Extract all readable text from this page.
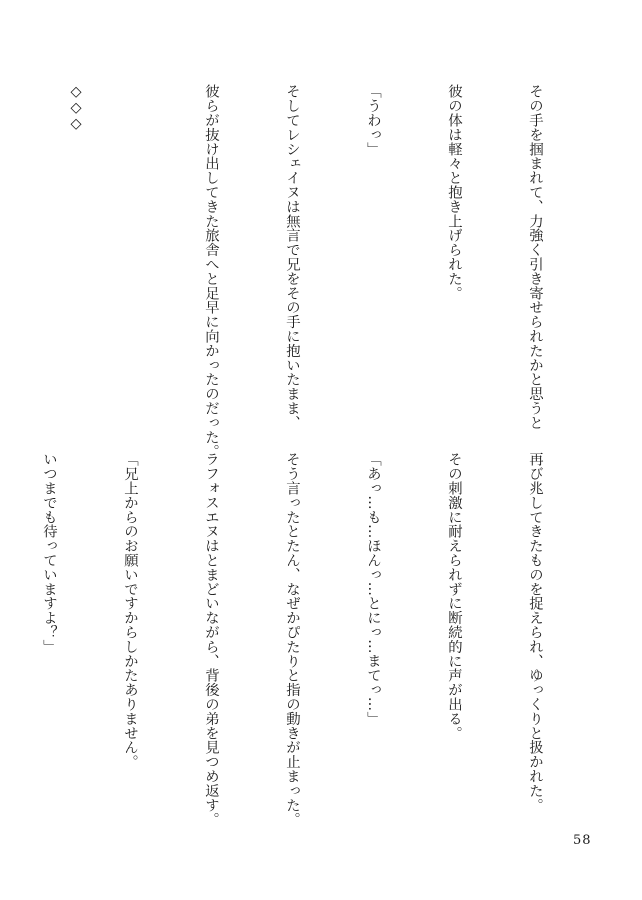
その手を掴まれて、力強く引き寄せられたかと思うと

彼の体は軽々と抱き上げられた。

「うわっ」

そしてレシェイヌは無言で兄をその手に抱いたまま、

彼らが抜け出してきた旅舎へと足早に向かったのだった。

◇◇◇

再び兆してきたものを捉えられ、ゆっくりと扱かれた。

その刺激に耐えられずに断続的に声が出る。

「あっ…も…ほんっ…とにっ…まてっ…」

そう言ったとたん、なぜかぴたりと指の動きが止まった。

ラフォスエヌはとまどいながら、背後の弟を見つめ返す。

「兄上からのお願いですからしかたありません。

いつまでも待っていますよ？」

58
